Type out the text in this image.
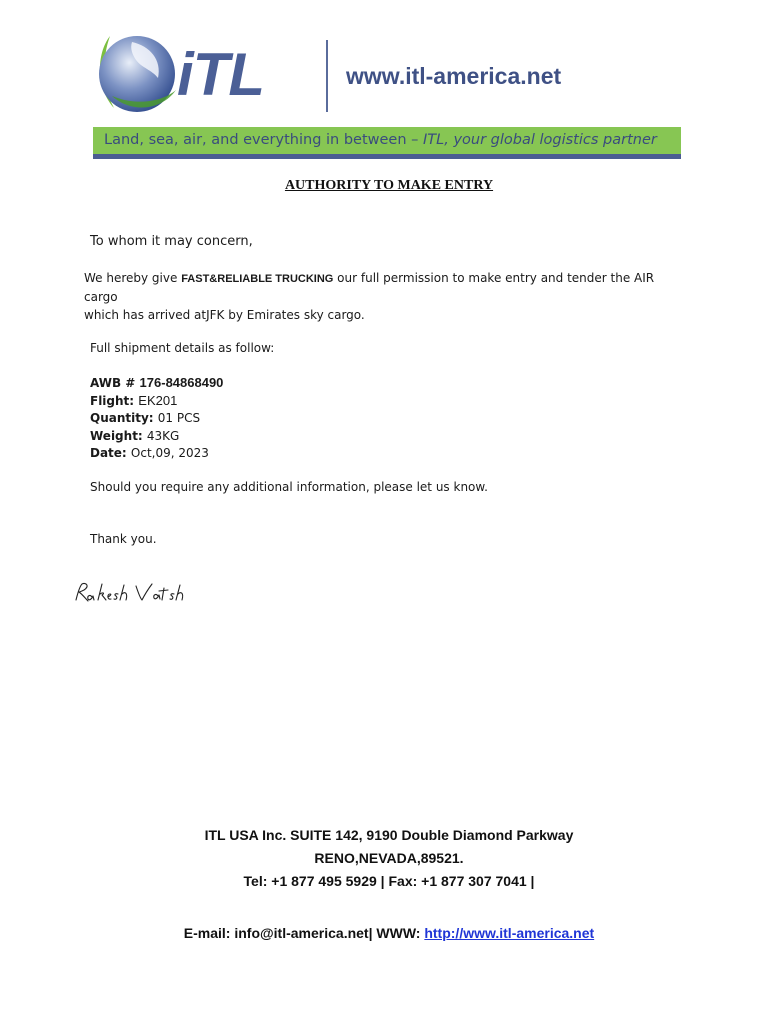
iTL	www.itl-america.net
Land, sea, air, and everything in between – ITL, your global logistics partner
AUTHORITY TO MAKE ENTRY
To whom it may concern,
We hereby give FAST&RELIABLE TRUCKING our full permission to make entry and tender the AIR cargo
which has arrived atJFK by Emirates sky cargo.
Full shipment details as follow:
AWB # 176-84868490
Flight: EK201
Quantity: 01 PCS
Weight: 43KG
Date: Oct,09, 2023
Should you require any additional information, please let us know.
Thank you.
ITL USA Inc. SUITE 142, 9190 Double Diamond Parkway
RENO,NEVADA,89521.
Tel: +1 877 495 5929 | Fax: +1 877 307 7041 |
E-mail: info@itl-america.net| WWW: http://www.itl-america.net
